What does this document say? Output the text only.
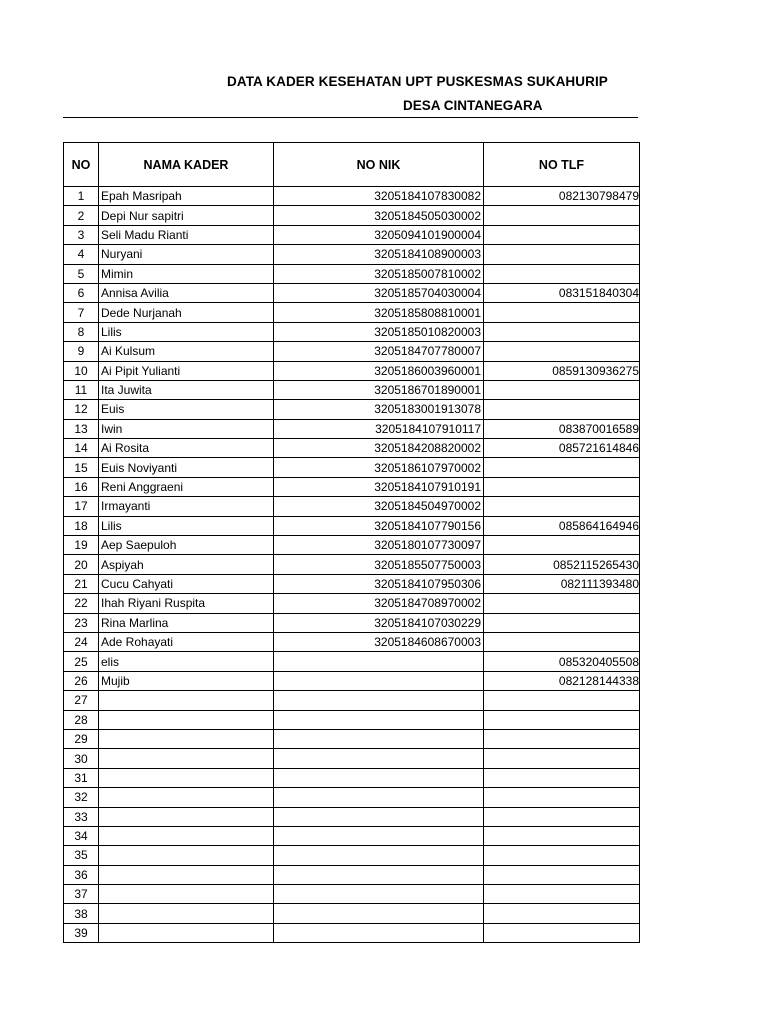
DATA KADER KESEHATAN UPT PUSKESMAS SUKAHURIP
DESA CINTANEGARA
NO	NAMA KADER	NO NIK	NO TLF
1	Epah Masripah	3205184107830082	082130798479
2	Depi Nur sapitri	3205184505030002	
3	Seli Madu Rianti	3205094101900004	
4	Nuryani	3205184108900003	
5	Mimin	3205185007810002	
6	Annisa Avilia	3205185704030004	083151840304
7	Dede Nurjanah	3205185808810001	
8	Lilis	3205185010820003	
9	Ai Kulsum	3205184707780007	
10	Ai Pipit Yulianti	3205186003960001	0859130936275
11	Ita Juwita	3205186701890001	
12	Euis	3205183001913078	
13	Iwin	3205184107910117	083870016589
14	Ai Rosita	3205184208820002	085721614846
15	Euis Noviyanti	3205186107970002	
16	Reni Anggraeni	3205184107910191	
17	Irmayanti	3205184504970002	
18	Lilis	3205184107790156	085864164946
19	Aep Saepuloh	3205180107730097	
20	Aspiyah	3205185507750003	0852115265430
21	Cucu Cahyati	3205184107950306	082111393480
22	Ihah Riyani Ruspita	3205184708970002	
23	Rina Marlina	3205184107030229	
24	Ade Rohayati	3205184608670003	
25	elis		085320405508
26	Mujib		082128144338
27			
28			
29			
30			
31			
32			
33			
34			
35			
36			
37			
38			
39			
